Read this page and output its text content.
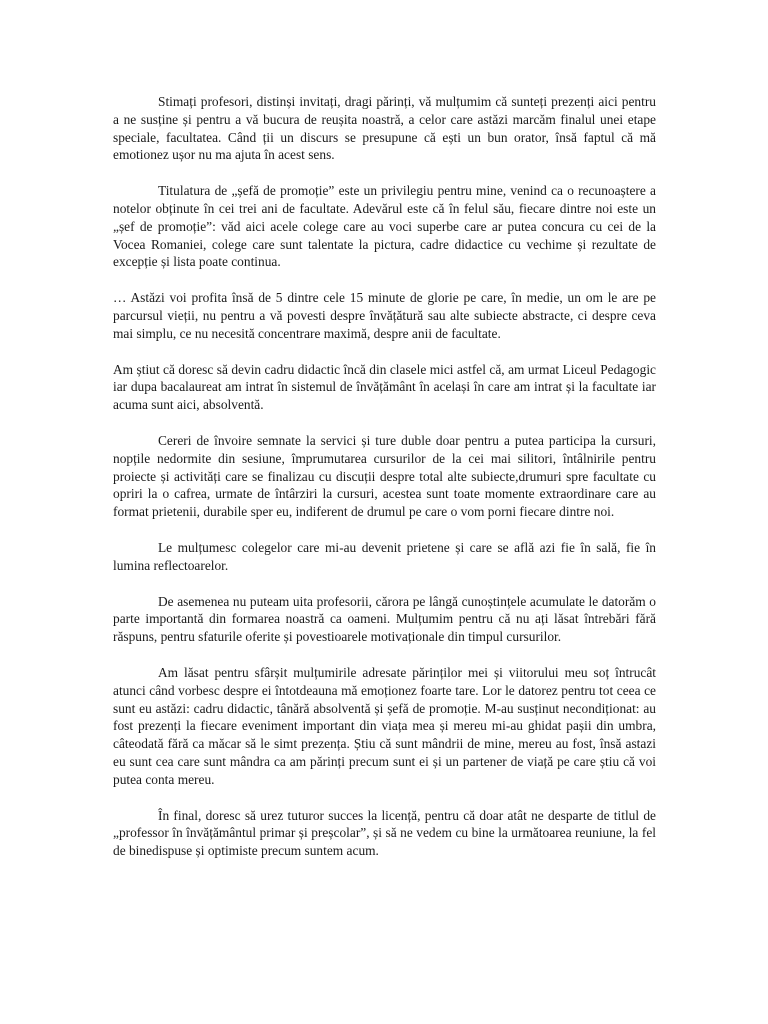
Stimați profesori, distinși invitați, dragi părinți, vă mulțumim că sunteți prezenți aici pentru a ne susține și pentru a vă bucura de reușita noastră, a celor care astăzi marcăm finalul unei etape speciale, facultatea. Când ții un discurs se presupune că ești un bun orator, însă faptul că mă emotionez ușor nu ma ajuta în acest sens.

Titulatura de „șefă de promoție” este un privilegiu pentru mine, venind ca o recunoaștere a notelor obținute în cei trei ani de facultate. Adevărul este că în felul său, fiecare dintre noi este un „șef de promoție”: văd aici acele colege care au voci superbe care ar putea concura cu cei de la Vocea Romaniei, colege care sunt talentate la pictura, cadre didactice cu vechime și rezultate de excepție și lista poate continua.

… Astăzi voi profita însă de 5 dintre cele 15 minute de glorie pe care, în medie, un om le are pe parcursul vieții, nu pentru a vă povesti despre învățătură sau alte subiecte abstracte, ci despre ceva mai simplu, ce nu necesită concentrare maximă, despre anii de facultate.

Am știut că doresc să devin cadru didactic încă din clasele mici astfel că, am urmat Liceul Pedagogic iar dupa bacalaureat am intrat în sistemul de învățământ în același în care am intrat și la facultate iar acuma sunt aici, absolventă.

Cereri de învoire semnate la servici și ture duble doar pentru a putea participa la cursuri, nopțile nedormite din sesiune, împrumutarea cursurilor de la cei mai silitori, întâlnirile pentru proiecte și activități care se finalizau cu discuții despre total alte subiecte,drumuri spre facultate cu opriri la o cafrea, urmate de întârziri la cursuri, acestea sunt toate momente extraordinare care au format prietenii, durabile sper eu, indiferent de drumul pe care o vom porni fiecare dintre noi.

Le mulțumesc colegelor care mi-au devenit prietene și care se află azi fie în sală, fie în lumina reflectoarelor.

De asemenea nu puteam uita profesorii, cărora pe lângă cunoștințele acumulate le datorăm o parte importantă din formarea noastră ca oameni. Mulțumim pentru că nu ați lăsat întrebări fără răspuns, pentru sfaturile oferite și povestioarele motivaționale din timpul cursurilor.

Am lăsat pentru sfârșit mulțumirile adresate părinților mei și viitorului meu soț întrucât atunci când vorbesc despre ei întotdeauna mă emoționez foarte tare. Lor le datorez pentru tot ceea ce sunt eu astăzi: cadru didactic, tânără absolventă și șefă de promoție. M-au susținut necondiționat: au fost prezenți la fiecare eveniment important din viața mea și mereu mi-au ghidat pașii din umbra, câteodată fără ca măcar să le simt prezența. Știu că sunt mândrii de mine, mereu au fost, însă astazi eu sunt cea care sunt mândra ca am părinți precum sunt ei și un partener de viață pe care știu că voi putea conta mereu.

În final, doresc să urez tuturor succes la licență, pentru că doar atât ne desparte de titlul de „professor în învățământul primar și preșcolar”, și să ne vedem cu bine la următoarea reuniune, la fel de binedispuse și optimiste precum suntem acum.
